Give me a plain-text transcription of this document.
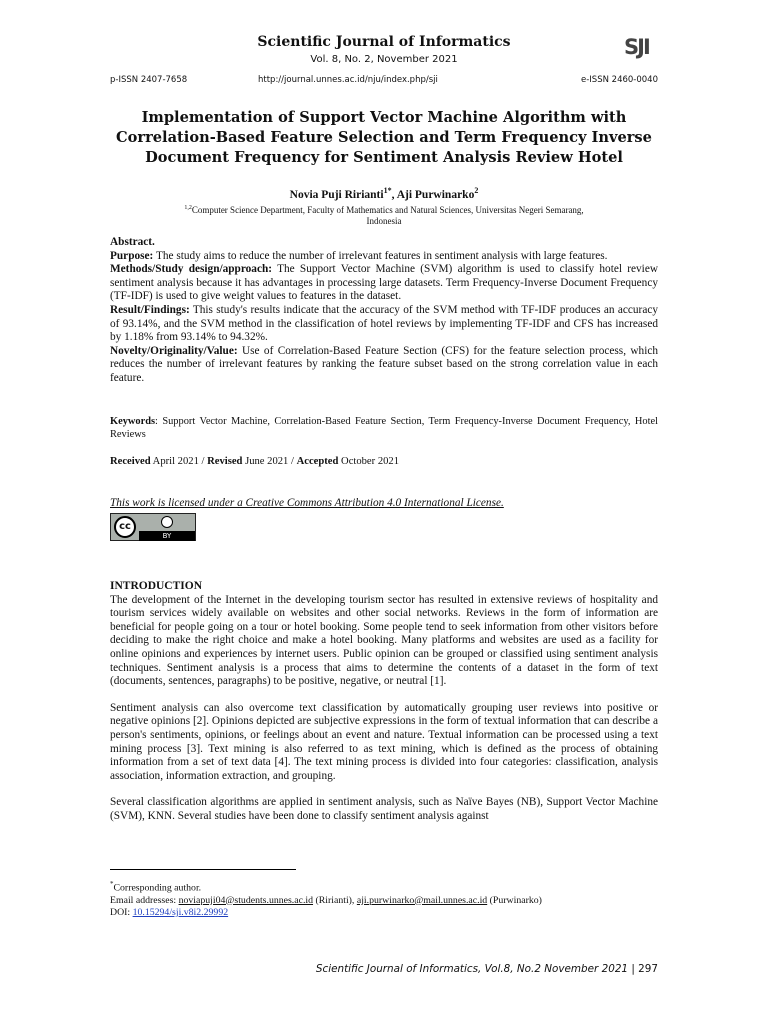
Scientific Journal of Informatics
Vol. 8, No. 2, November 2021
SJI
p-ISSN 2407-7658	http://journal.unnes.ac.id/nju/index.php/sji	e-ISSN 2460-0040
Implementation of Support Vector Machine Algorithm with
Correlation-Based Feature Selection and Term Frequency Inverse
Document Frequency for Sentiment Analysis Review Hotel
Novia Puji Ririanti$^{1*}$, Aji Purwinarko$^2$
$^{1,2}$Computer Science Department, Faculty of Mathematics and Natural Sciences, Universitas Negeri Semarang,
Indonesia

Abstract.

Purpose: The study aims to reduce the number of irrelevant features in sentiment analysis with large features.

Methods/Study design/approach: The Support Vector Machine (SVM) algorithm is used to classify hotel review sentiment analysis because it has advantages in processing large datasets. Term Frequency-Inverse Document Frequency (TF-IDF) is used to give weight values to features in the dataset.

Result/Findings: This study's results indicate that the accuracy of the SVM method with TF-IDF produces an accuracy of 93.14%, and the SVM method in the classification of hotel reviews by implementing TF-IDF and CFS has increased by 1.18% from 93.14% to 94.32%.

Novelty/Originality/Value: Use of Correlation-Based Feature Section (CFS) for the feature selection process, which reduces the number of irrelevant features by ranking the feature subset based on the strong correlation value in each feature.

Keywords: Support Vector Machine, Correlation-Based Feature Section, Term Frequency-Inverse Document Frequency, Hotel Reviews
Received April 2021 / Revised June 2021 / Accepted October 2021
This work is licensed under a Creative Commons Attribution 4.0 International License.
cc
BY
INTRODUCTION

The development of the Internet in the developing tourism sector has resulted in extensive reviews of hospitality and tourism services widely available on websites and other social networks. Reviews in the form of information are beneficial for people going on a tour or hotel booking. Some people tend to seek information from other visitors before deciding to make the right choice and make a hotel booking. Many platforms and websites are used as a facility for online opinions and experiences by internet users. Public opinion can be grouped or classified using sentiment analysis techniques. Sentiment analysis is a process that aims to determine the contents of a dataset in the form of text (documents, sentences, paragraphs) to be positive, negative, or neutral [1].

Sentiment analysis can also overcome text classification by automatically grouping user reviews into positive or negative opinions [2]. Opinions depicted are subjective expressions in the form of textual information that can describe a person's sentiments, opinions, or feelings about an event and nature. Textual information can be processed using a text mining process [3]. Text mining is also referred to as text mining, which is defined as the process of obtaining information from a set of text data [4]. The text mining process is divided into four categories: classification, analysis association, information extraction, and grouping.

Several classification algorithms are applied in sentiment analysis, such as Naïve Bayes (NB), Support Vector Machine (SVM), KNN. Several studies have been done to classify sentiment analysis against

*Corresponding author.
Email addresses: noviapuji04@students.unnes.ac.id (Ririanti), aji.purwinarko@mail.unnes.ac.id (Purwinarko)
DOI: 10.15294/sji.v8i2.29992
Scientific Journal of Informatics, Vol.8, No.2 November 2021 | 297
